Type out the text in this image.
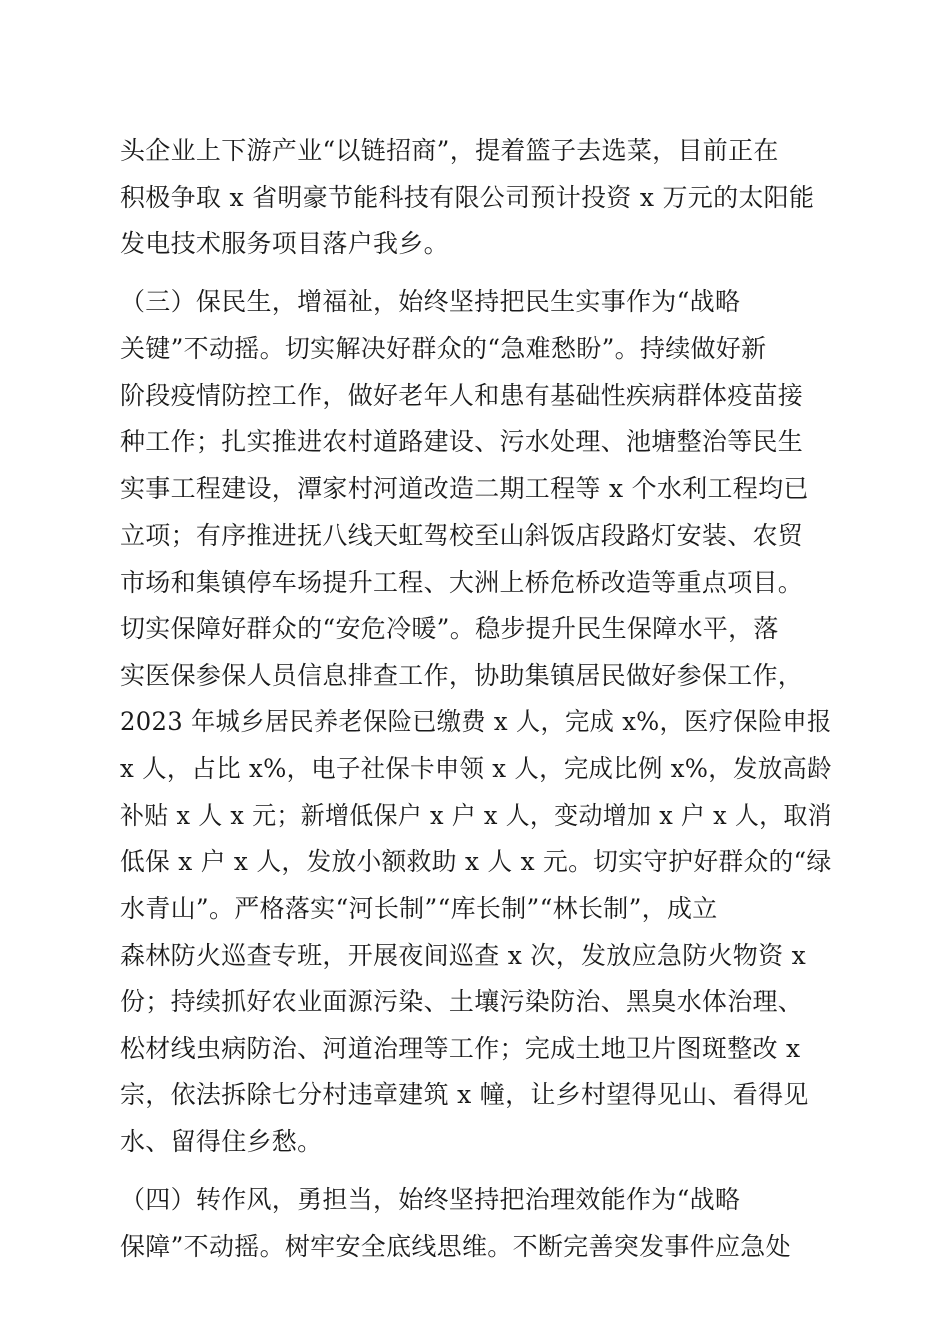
头企业上下游产业“以链招商”，提着篮子去选菜，目前正在
积极争取 x 省明豪节能科技有限公司预计投资 x 万元的太阳能
发电技术服务项目落户我乡。
（三）保民生，增福祉，始终坚持把民生实事作为“战略
关键”不动摇。切实解决好群众的“急难愁盼”。持续做好新
阶段疫情防控工作，做好老年人和患有基础性疾病群体疫苗接
种工作；扎实推进农村道路建设、污水处理、池塘整治等民生
实事工程建设，潭家村河道改造二期工程等 x 个水利工程均已
立项；有序推进抚八线天虹驾校至山斜饭店段路灯安装、农贸
市场和集镇停车场提升工程、大洲上桥危桥改造等重点项目。
切实保障好群众的“安危冷暖”。稳步提升民生保障水平，落
实医保参保人员信息排查工作，协助集镇居民做好参保工作，
2023 年城乡居民养老保险已缴费 x 人，完成 x%，医疗保险申报
x 人，占比 x%，电子社保卡申领 x 人，完成比例 x%，发放高龄
补贴 x 人 x 元；新增低保户 x 户 x 人，变动增加 x 户 x 人，取消
低保 x 户 x 人，发放小额救助 x 人 x 元。切实守护好群众的“绿
水青山”。严格落实“河长制”“库长制”“林长制”，成立
森林防火巡查专班，开展夜间巡查 x 次，发放应急防火物资 x
份；持续抓好农业面源污染、土壤污染防治、黑臭水体治理、
松材线虫病防治、河道治理等工作；完成土地卫片图斑整改 x
宗，依法拆除七分村违章建筑 x 幢，让乡村望得见山、看得见
水、留得住乡愁。
（四）转作风，勇担当，始终坚持把治理效能作为“战略
保障”不动摇。树牢安全底线思维。不断完善突发事件应急处
